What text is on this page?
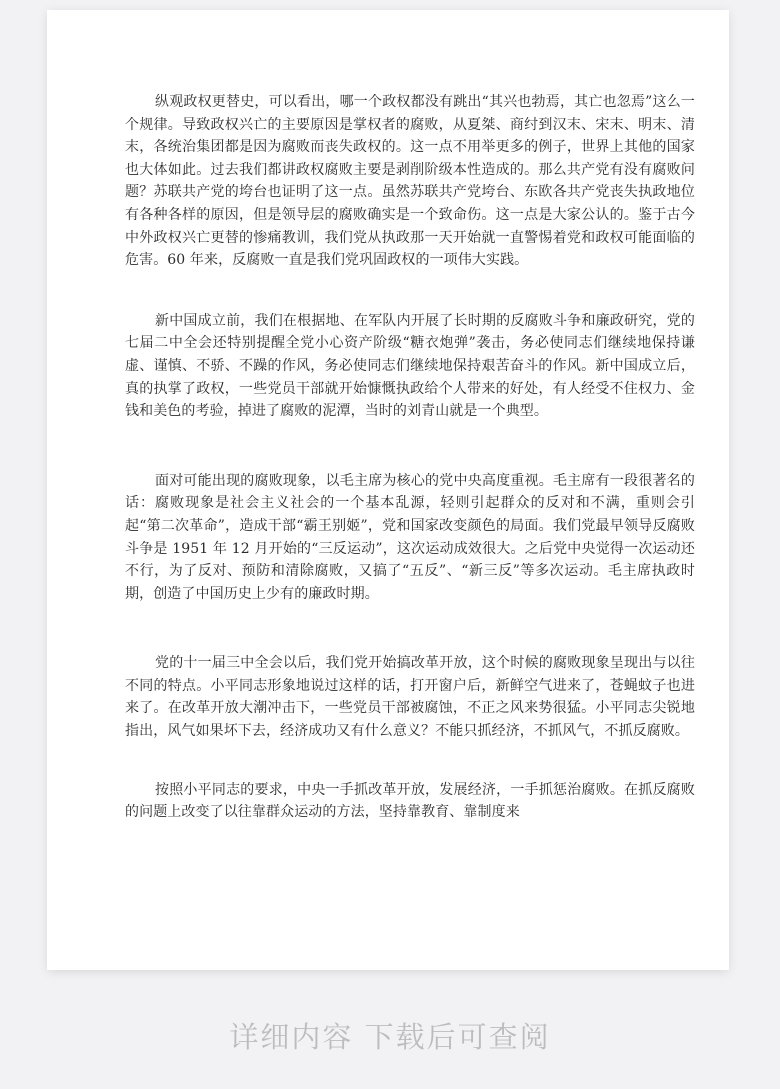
纵观政权更替史，可以看出，哪一个政权都没有跳出“其兴也勃焉，其亡也忽焉”这么一个规律。导致政权兴亡的主要原因是掌权者的腐败，从夏桀、商纣到汉末、宋末、明末、清末，各统治集团都是因为腐败而丧失政权的。这一点不用举更多的例子，世界上其他的国家也大体如此。过去我们都讲政权腐败主要是剥削阶级本性造成的。那么共产党有没有腐败问题？苏联共产党的垮台也证明了这一点。虽然苏联共产党垮台、东欧各共产党丧失执政地位有各种各样的原因，但是领导层的腐败确实是一个致命伤。这一点是大家公认的。鉴于古今中外政权兴亡更替的惨痛教训，我们党从执政那一天开始就一直警惕着党和政权可能面临的危害。60 年来，反腐败一直是我们党巩固政权的一项伟大实践。

新中国成立前，我们在根据地、在军队内开展了长时期的反腐败斗争和廉政研究，党的七届二中全会还特别提醒全党小心资产阶级“糖衣炮弹”袭击，务必使同志们继续地保持谦虚、谨慎、不骄、不躁的作风，务必使同志们继续地保持艰苦奋斗的作风。新中国成立后，真的执掌了政权，一些党员干部就开始慷慨执政给个人带来的好处，有人经受不住权力、金钱和美色的考验，掉进了腐败的泥潭，当时的刘青山就是一个典型。

面对可能出现的腐败现象，以毛主席为核心的党中央高度重视。毛主席有一段很著名的话：腐败现象是社会主义社会的一个基本乱源，轻则引起群众的反对和不满，重则会引起“第二次革命”，造成干部“霸王别姬”，党和国家改变颜色的局面。我们党最早领导反腐败斗争是 1951 年 12 月开始的“三反运动”，这次运动成效很大。之后党中央觉得一次运动还不行，为了反对、预防和清除腐败，又搞了“五反”、“新三反”等多次运动。毛主席执政时期，创造了中国历史上少有的廉政时期。

党的十一届三中全会以后，我们党开始搞改革开放，这个时候的腐败现象呈现出与以往不同的特点。小平同志形象地说过这样的话，打开窗户后，新鲜空气进来了，苍蝇蚊子也进来了。在改革开放大潮冲击下，一些党员干部被腐蚀，不正之风来势很猛。小平同志尖锐地指出，风气如果坏下去，经济成功又有什么意义？不能只抓经济，不抓风气，不抓反腐败。

按照小平同志的要求，中央一手抓改革开放，发展经济，一手抓惩治腐败。在抓反腐败的问题上改变了以往靠群众运动的方法，坚持靠教育、靠制度来

详细内容 下载后可查阅
